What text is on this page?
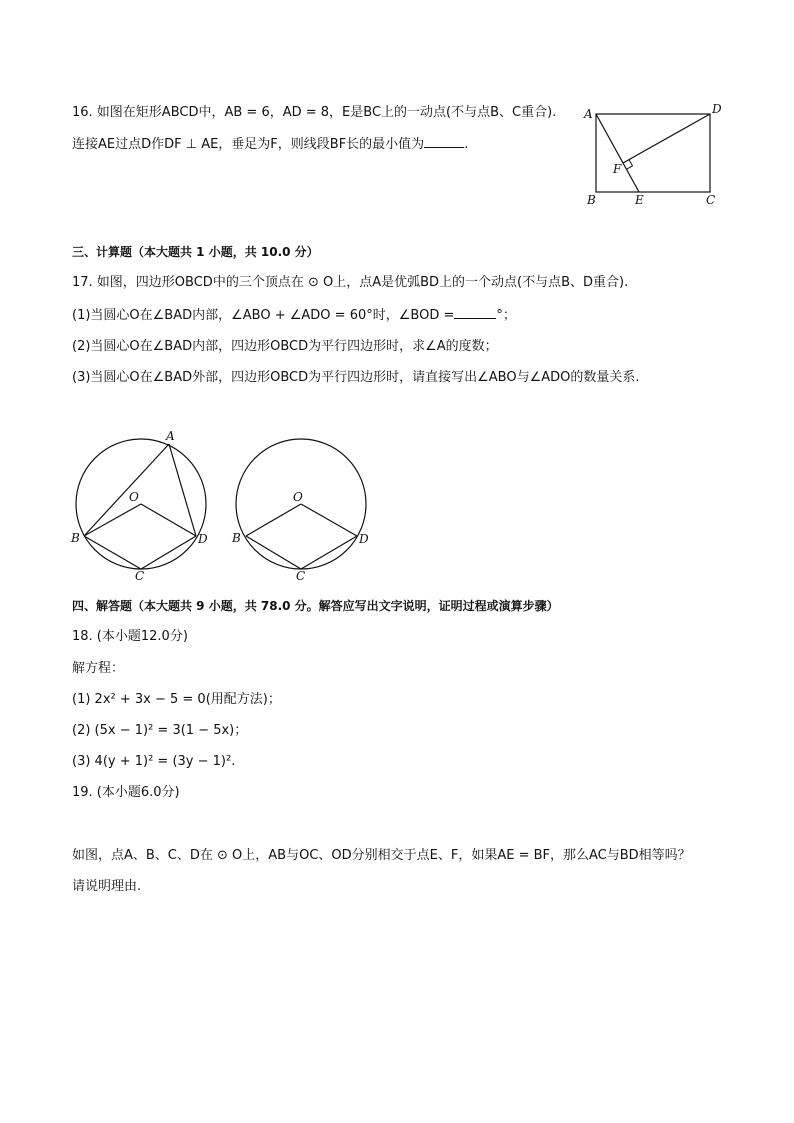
16. 如图在矩形ABCD中，AB = 6，AD = 8，E是BC上的一动点(不与点B、C重合).
连接AE过点D作DF ⊥ AE，垂足为F，则线段BF长的最小值为	.
A	D
B	C
E
F
三、计算题（本大题共 1 小题，共 10.0 分）
17. 如图，四边形OBCD中的三个顶点在 ⊙ O上，点A是优弧BD上的一个动点(不与点B、D重合).
(1)当圆心O在∠BAD内部，∠ABO + ∠ADO = 60°时，∠BOD =	°；
(2)当圆心O在∠BAD内部，四边形OBCD为平行四边形时，求∠A的度数；
(3)当圆心O在∠BAD外部，四边形OBCD为平行四边形时，请直接写出∠ABO与∠ADO的数量关系.
A
O
B	D
C
O
B	D
C
四、解答题（本大题共 9 小题，共 78.0 分。解答应写出文字说明，证明过程或演算步骤）
18. (本小题12.0分)
解方程：
(1) 2x² + 3x − 5 = 0(用配方法)；
(2) (5x − 1)² = 3(1 − 5x)；
(3) 4(y + 1)² = (3y − 1)².
19. (本小题6.0分)
如图，点A、B、C、D在 ⊙ O上，AB与OC、OD分别相交于点E、F，如果AE = BF，那么AC与BD相等吗？
请说明理由.
